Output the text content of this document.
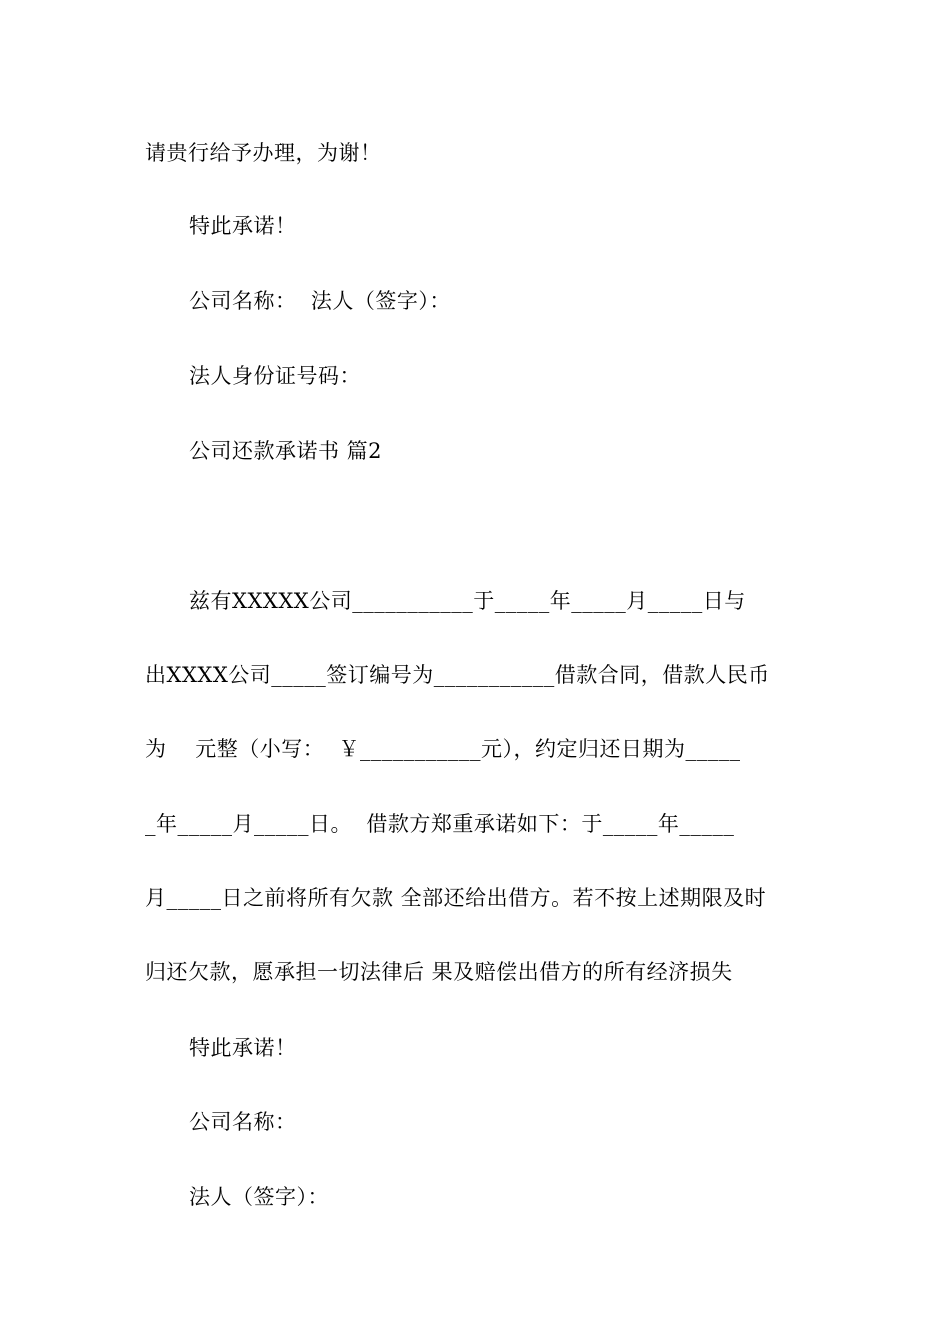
请贵行给予办理，为谢！
特此承诺！
公司名称：  法人（签字）：
法人身份证号码：
公司还款承诺书 篇2
兹有XXXXX公司___________于_____年_____月_____日与
出XXXX公司_____签订编号为___________借款合同，借款人民币
为    元整（小写：  ￥___________元），约定归还日期为_____
_年_____月_____日。  借款方郑重承诺如下：于_____年_____
月_____日之前将所有欠款 全部还给出借方。若不按上述期限及时
归还欠款，愿承担一切法律后 果及赔偿出借方的所有经济损失
特此承诺！
公司名称：
法人（签字）：
